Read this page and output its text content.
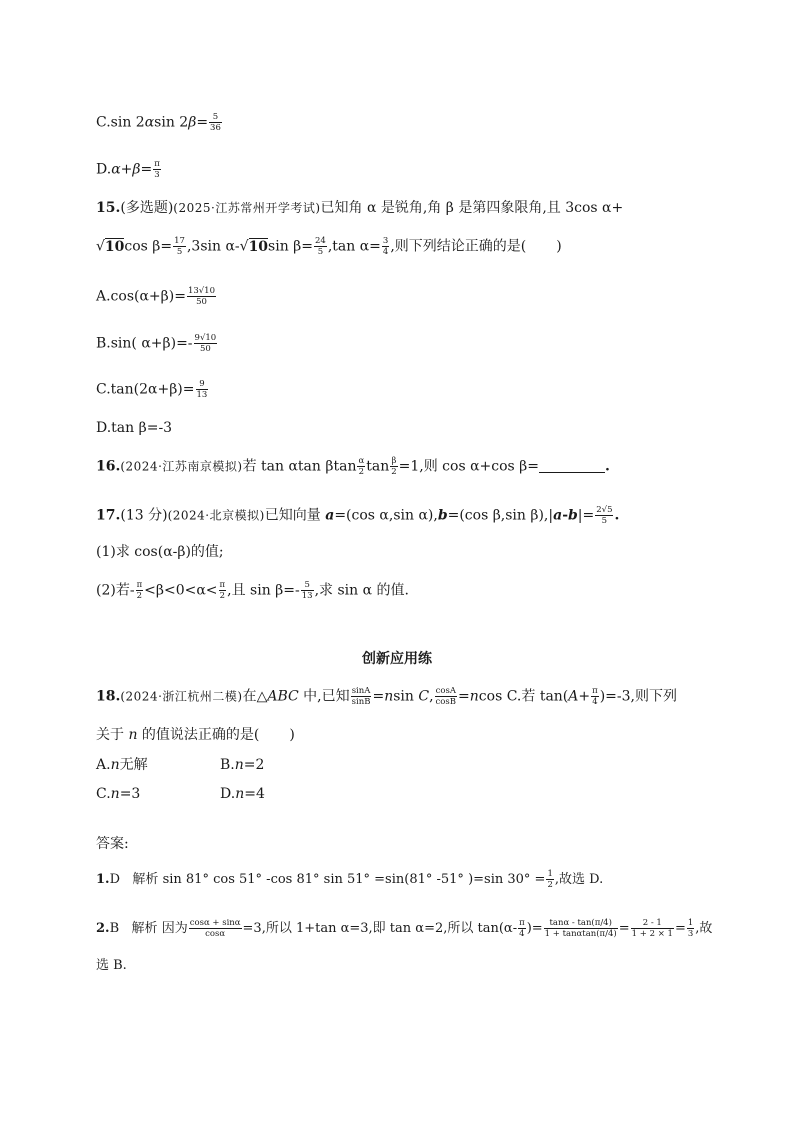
C.sin 2αsin $2\beta= \frac{5}{36}$
$D.\alpha+\beta= \frac{\pi}{3}$
15.(多选题)(2025·江苏常州开学考试)已知角 α 是锐角,角 β 是第四象限角,且 3cos α+
√10cos $\beta= \frac{17}{5} ,3\sin$ α-√10sin $\beta= \frac{24}{5} ,\tan$ $\alpha= \frac{3}{4}$ ,则下列结论正确的是( )
$A.\cos(\alpha+\beta)= \frac{13√10}{50}$
B.sin( $\alpha+\beta)=- \frac{9√10}{50}$
$C.\tan(2\alpha+\beta)= \frac{9}{13}$
D.tan β=-3
16.(2024·江苏南京模拟)若 tan αtan βtan $\frac{\alpha}{2}$ $\tan \frac{\beta}{2} =1$,则 cos α+cos β=	.
17.(13 分)(2024·北京模拟)已知向量 a=(cos α,sin α),b=(cos β,sin $\beta),|a-b|= \frac{2√5}{5}$ .
(1)求 cos(α-β)的值;
(2)若- $\frac{\pi}{2} <\beta<0<\alpha< \frac{\pi}{2}$ ,且 $\sin \beta=- \frac{5}{13}$ ,求 sin α 的值.
创新应用练
18.(2024·浙江杭州二模)在△ABC 中,已知 $\frac{\sin A}{\sin B} =nsin$ C, $\frac{\cos A}{\cos B} =ncos$ C.若 $\tan(A+ \frac{\pi}{4} )=-3$,则下列
关于 n 的值说法正确的是( )
A.n无解	B.n=2
C.n=3	D.n=4
答案:
1.D 解析 sin 81° cos 51° -cos 81° sin 51° =sin(81° -51° )=sin $30^\circ = \frac{1}{2}$ ,故选 D.
2.B 解析 因为 $\frac{\cos\alpha + \sin\alpha}{\cos\alpha} =3$,所以 1+tan α=3,即 tan α=2,所以 $\tan(\alpha- \frac{\pi}{4}$ )= $\frac{\tan\alpha - \tan(\pi/4)}{1 + \tan\alpha\tan(\pi/4)} = \frac{2 - 1}{1 + 2 \times 1} = \frac{1}{3}$ ,故
选 B.
